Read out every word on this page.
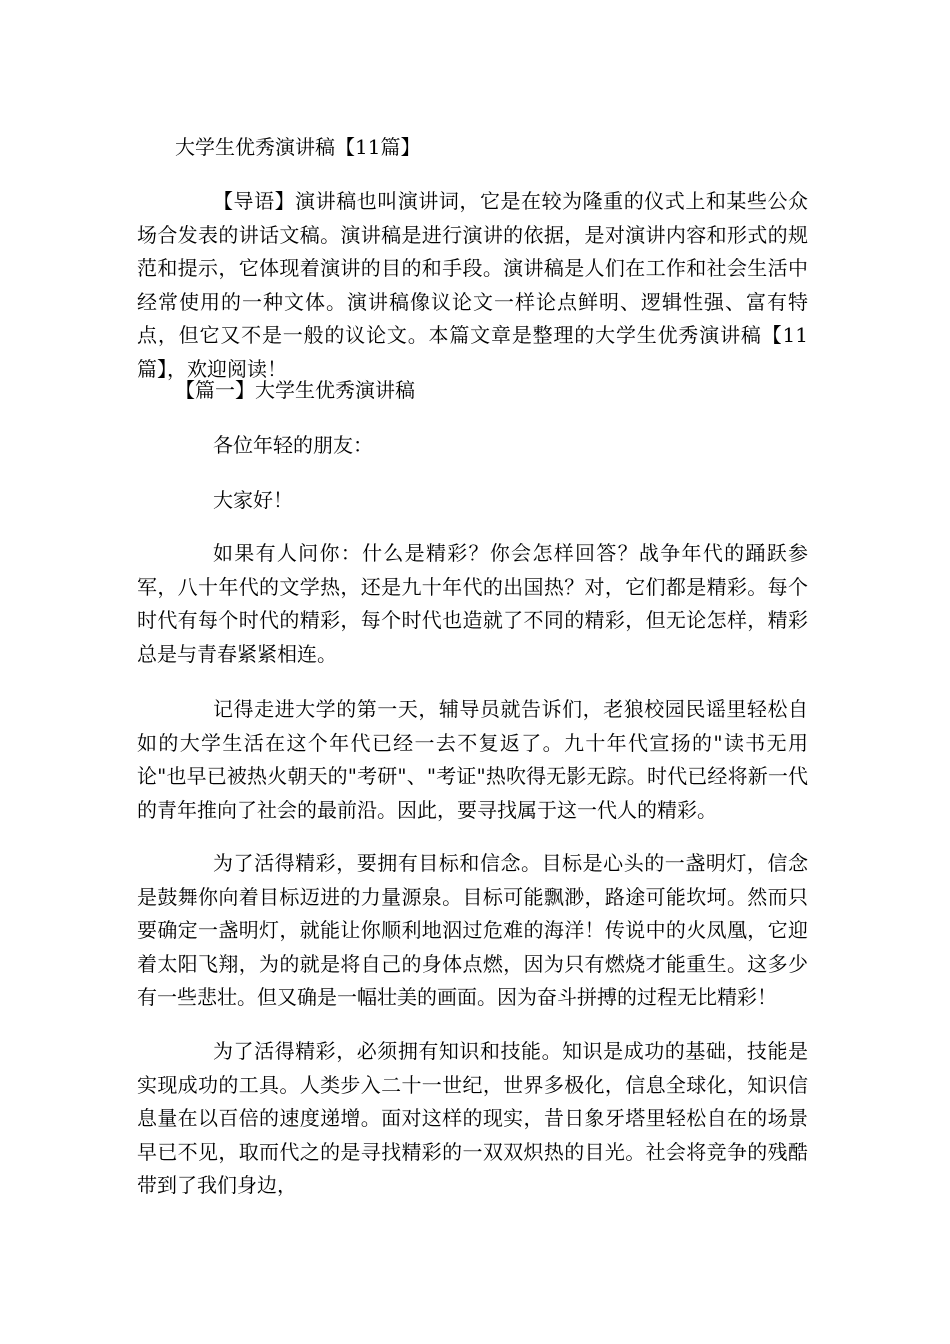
大学生优秀演讲稿【11篇】

【导语】演讲稿也叫演讲词，它是在较为隆重的仪式上和某些公众场合发表的讲话文稿。演讲稿是进行演讲的依据，是对演讲内容和形式的规范和提示，它体现着演讲的目的和手段。演讲稿是人们在工作和社会生活中经常使用的一种文体。演讲稿像议论文一样论点鲜明、逻辑性强、富有特点，但它又不是一般的议论文。本篇文章是整理的大学生优秀演讲稿【11篇】，欢迎阅读！

【篇一】大学生优秀演讲稿

各位年轻的朋友：

大家好！

如果有人问你：什么是精彩？你会怎样回答？战争年代的踊跃参军，八十年代的文学热，还是九十年代的出国热？对，它们都是精彩。每个时代有每个时代的精彩，每个时代也造就了不同的精彩，但无论怎样，精彩总是与青春紧紧相连。

记得走进大学的第一天，辅导员就告诉们，老狼校园民谣里轻松自如的大学生活在这个年代已经一去不复返了。九十年代宣扬的"读书无用论"也早已被热火朝天的"考研"、"考证"热吹得无影无踪。时代已经将新一代的青年推向了社会的最前沿。因此，要寻找属于这一代人的精彩。

为了活得精彩，要拥有目标和信念。目标是心头的一盏明灯，信念是鼓舞你向着目标迈进的力量源泉。目标可能飘渺，路途可能坎坷。然而只要确定一盏明灯，就能让你顺利地泅过危难的海洋！传说中的火凤凰，它迎着太阳飞翔，为的就是将自己的身体点燃，因为只有燃烧才能重生。这多少有一些悲壮。但又确是一幅壮美的画面。因为奋斗拼搏的过程无比精彩！

为了活得精彩，必须拥有知识和技能。知识是成功的基础，技能是实现成功的工具。人类步入二十一世纪，世界多极化，信息全球化，知识信息量在以百倍的速度递增。面对这样的现实，昔日象牙塔里轻松自在的场景早已不见，取而代之的是寻找精彩的一双双炽热的目光。社会将竞争的残酷带到了我们身边，
